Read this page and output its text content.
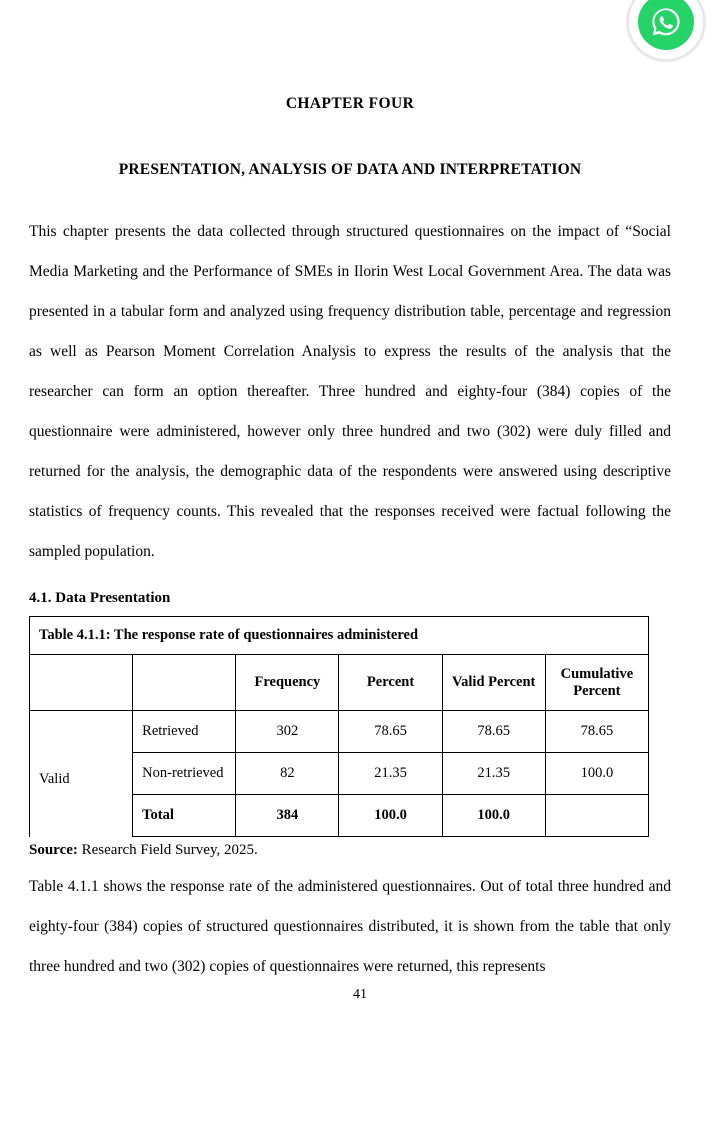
CHAPTER FOUR
PRESENTATION, ANALYSIS OF DATA AND INTERPRETATION

This chapter presents the data collected through structured questionnaires on the impact of “Social Media Marketing and the Performance of SMEs in Ilorin West Local Government Area. The data was presented in a tabular form and analyzed using frequency distribution table, percentage and regression as well as Pearson Moment Correlation Analysis to express the results of the analysis that the researcher can form an option thereafter. Three hundred and eighty-four (384) copies of the questionnaire were administered, however only three hundred and two (302) were duly filled and returned for the analysis, the demographic data of the respondents were answered using descriptive statistics of frequency counts. This revealed that the responses received were factual following the sampled population.

4.1. Data Presentation
Table 4.1.1: The response rate of questionnaires administered					
		Frequency	Percent	Valid Percent	Cumulative Percent
Valid	Retrieved	302	78.65	78.65	78.65
	Non-retrieved	82	21.35	21.35	100.0
	Total	384	100.0	100.0	

Source: Research Field Survey, 2025.

Table 4.1.1 shows the response rate of the administered questionnaires. Out of total three hundred and eighty-four (384) copies of structured questionnaires distributed, it is shown from the table that only three hundred and two (302) copies of questionnaires were returned, this represents

41
